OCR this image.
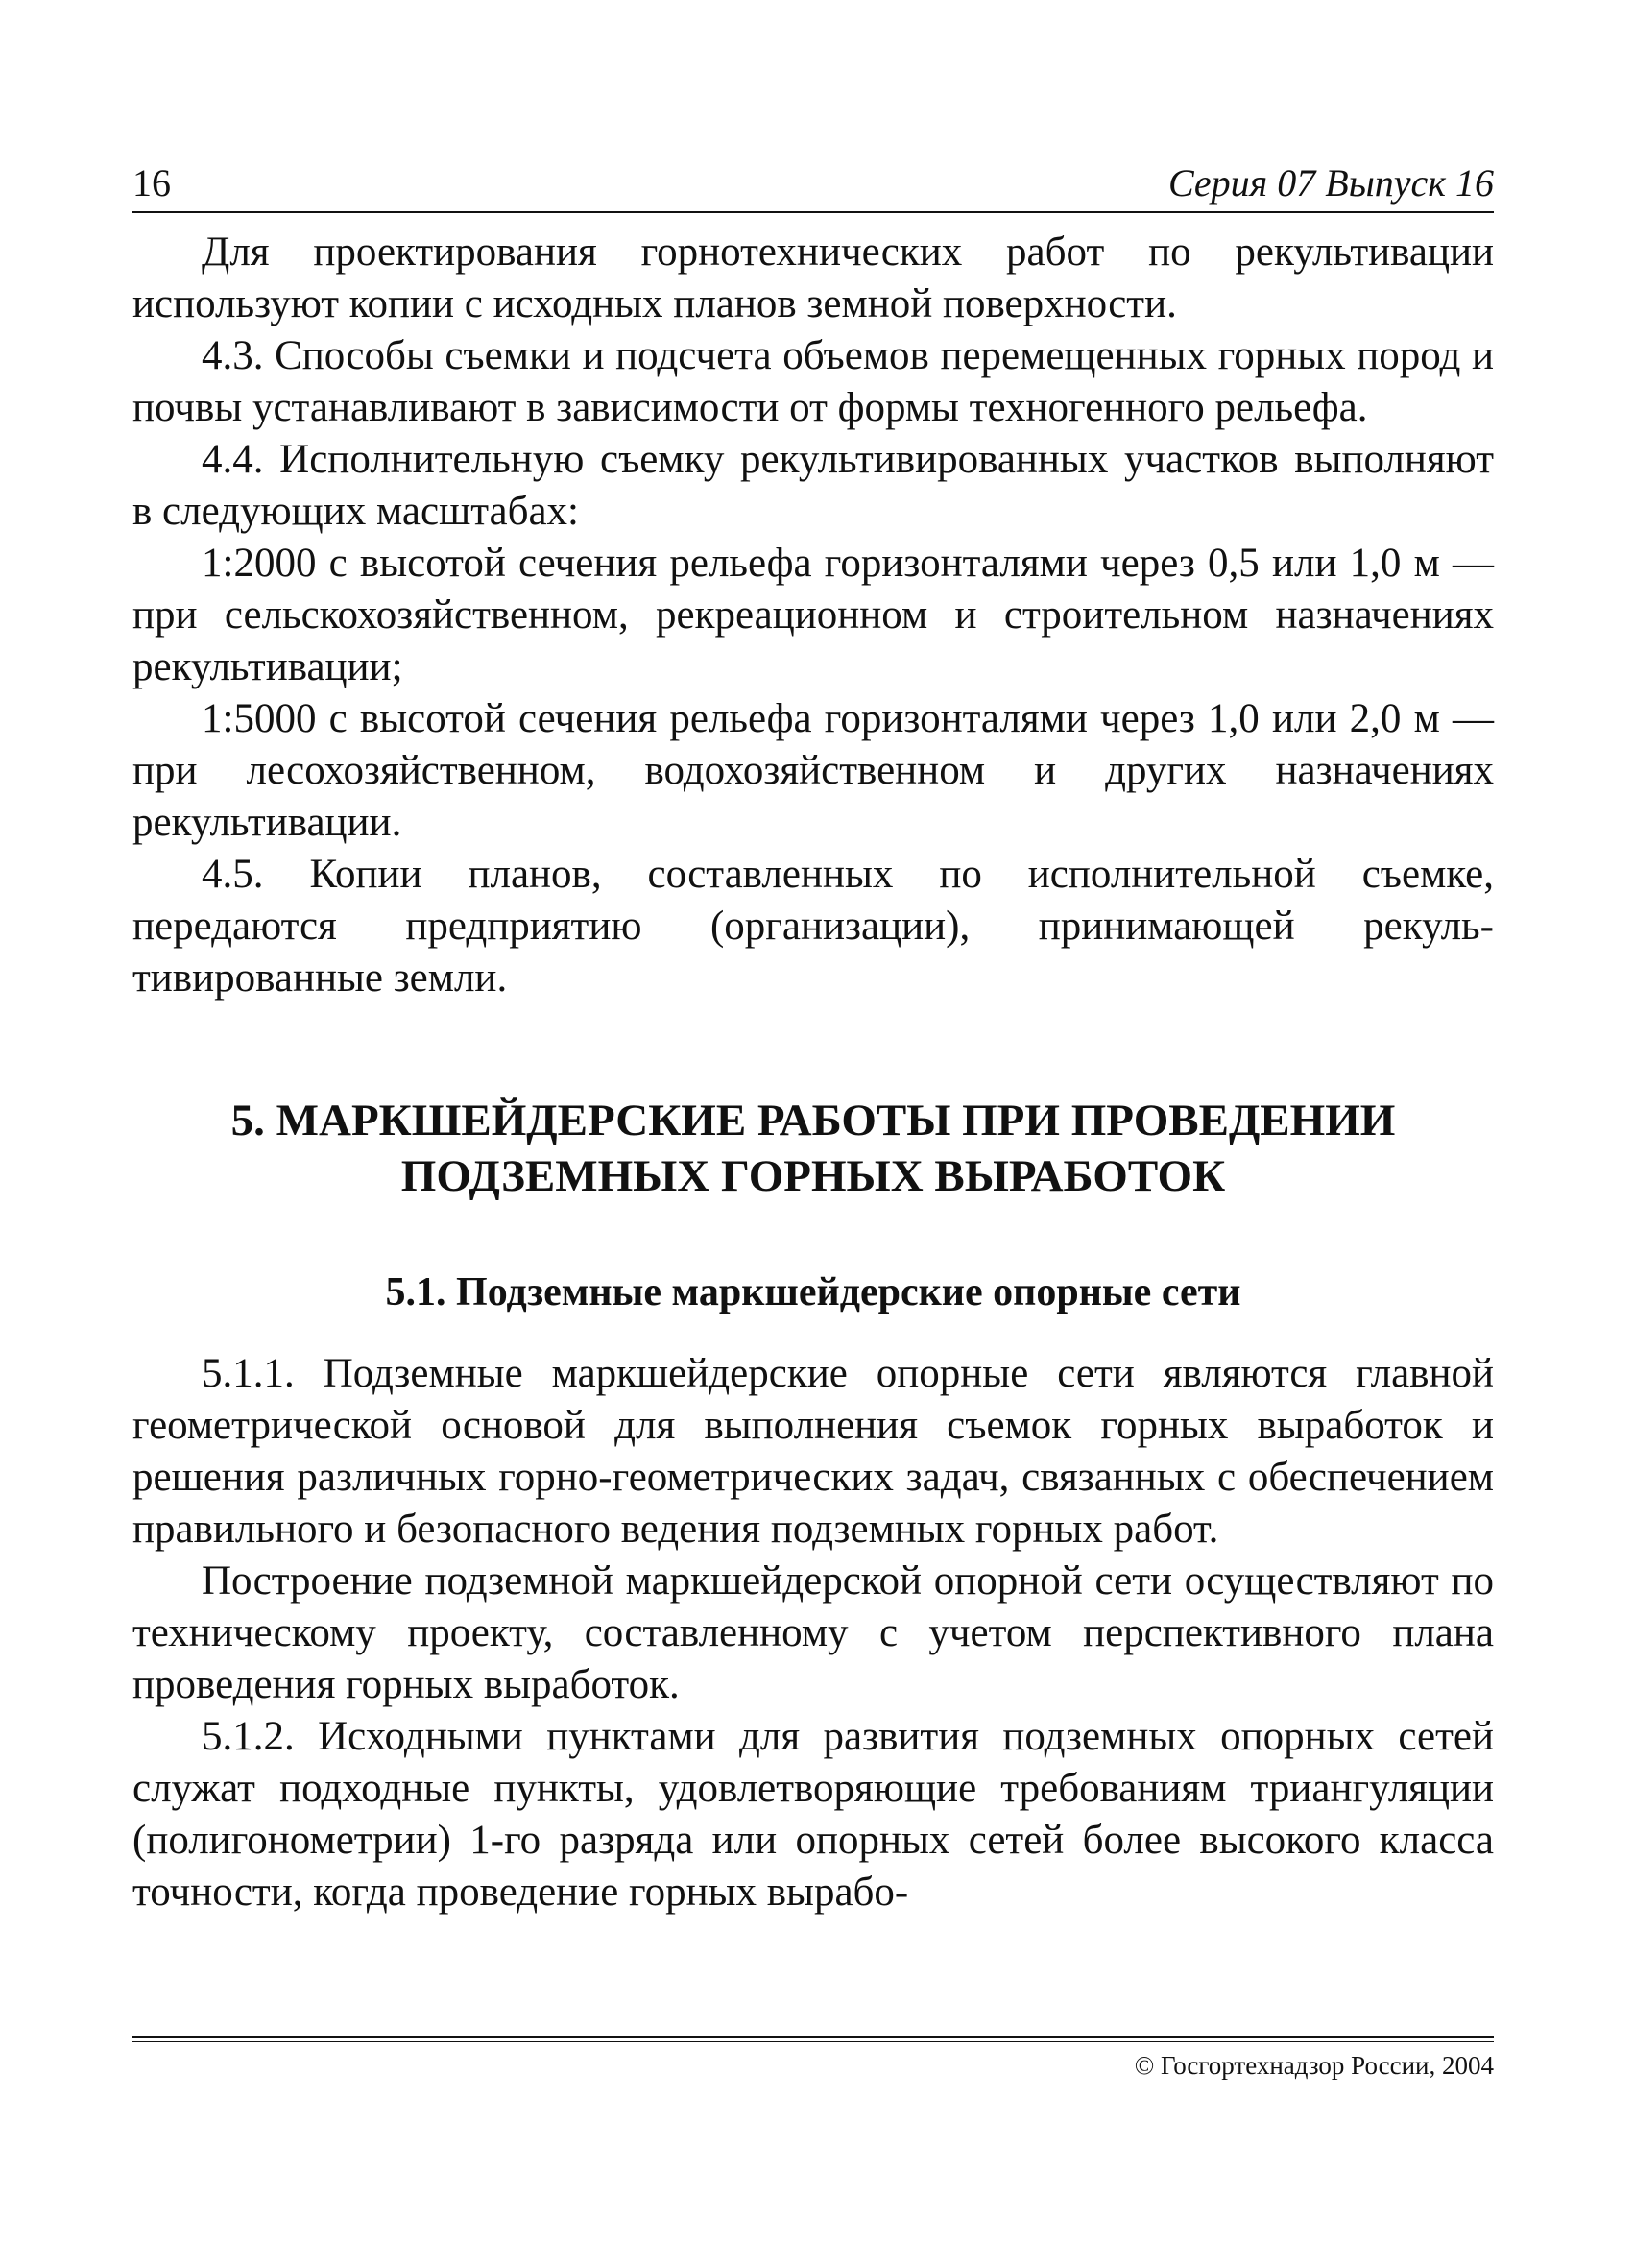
16	Серия 07 Выпуск 16

Для проектирования горнотехнических работ по рекультивации используют копии с исходных планов земной поверхности.

4.3. Способы съемки и подсчета объемов перемещенных горных пород и почвы устанавливают в зависимости от формы техногенного рельефа.

4.4. Исполнительную съемку рекультивированных участков выполняют в следующих масштабах:

1:2000 с высотой сечения рельефа горизонталями через 0,5 или 1,0 м — при сельскохозяйственном, рекреационном и строительном назначениях рекультивации;

1:5000 с высотой сечения рельефа горизонталями через 1,0 или 2,0 м — при лесохозяйственном, водохозяйственном и других назначениях рекультивации.

4.5. Копии планов, составленных по исполнительной съемке, передаются предприятию (организации), принимающей рекультивированные земли.

5. МАРКШЕЙДЕРСКИЕ РАБОТЫ ПРИ ПРОВЕДЕНИИ
ПОДЗЕМНЫХ ГОРНЫХ ВЫРАБОТОК
5.1. Подземные маркшейдерские опорные сети

5.1.1. Подземные маркшейдерские опорные сети являются главной геометрической основой для выполнения съемок горных выработок и решения различных горно-геометрических задач, связанных с обеспечением правильного и безопасного ведения подземных горных работ.

Построение подземной маркшейдерской опорной сети осуществляют по техническому проекту, составленному с учетом перспективного плана проведения горных выработок.

5.1.2. Исходными пунктами для развития подземных опорных сетей служат подходные пункты, удовлетворяющие требованиям триангуляции (полигонометрии) 1-го разряда или опорных сетей более высокого класса точности, когда проведение горных вырабо-

© Госгортехнадзор России, 2004
